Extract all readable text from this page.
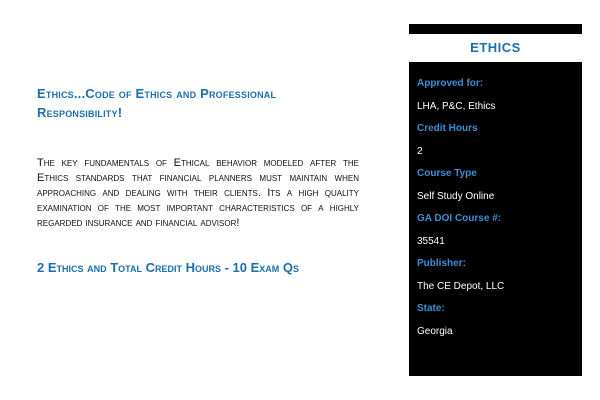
Ethics...Code of Ethics and Professional Responsibility!

The key fundamentals of Ethical behavior modeled after the Ethics standards that financial planners must maintain when approaching and dealing with their clients. Its a high quality examination of the most important characteristics of a highly regarded insurance and financial advisor!

2 Ethics and Total Credit Hours - 10 Exam Qs
ETHICS
Approved for:
LHA, P&C, Ethics
Credit Hours
2
Course Type
Self Study Online
GA DOI Course #:
35541
Publisher:
The CE Depot, LLC
State:
Georgia
